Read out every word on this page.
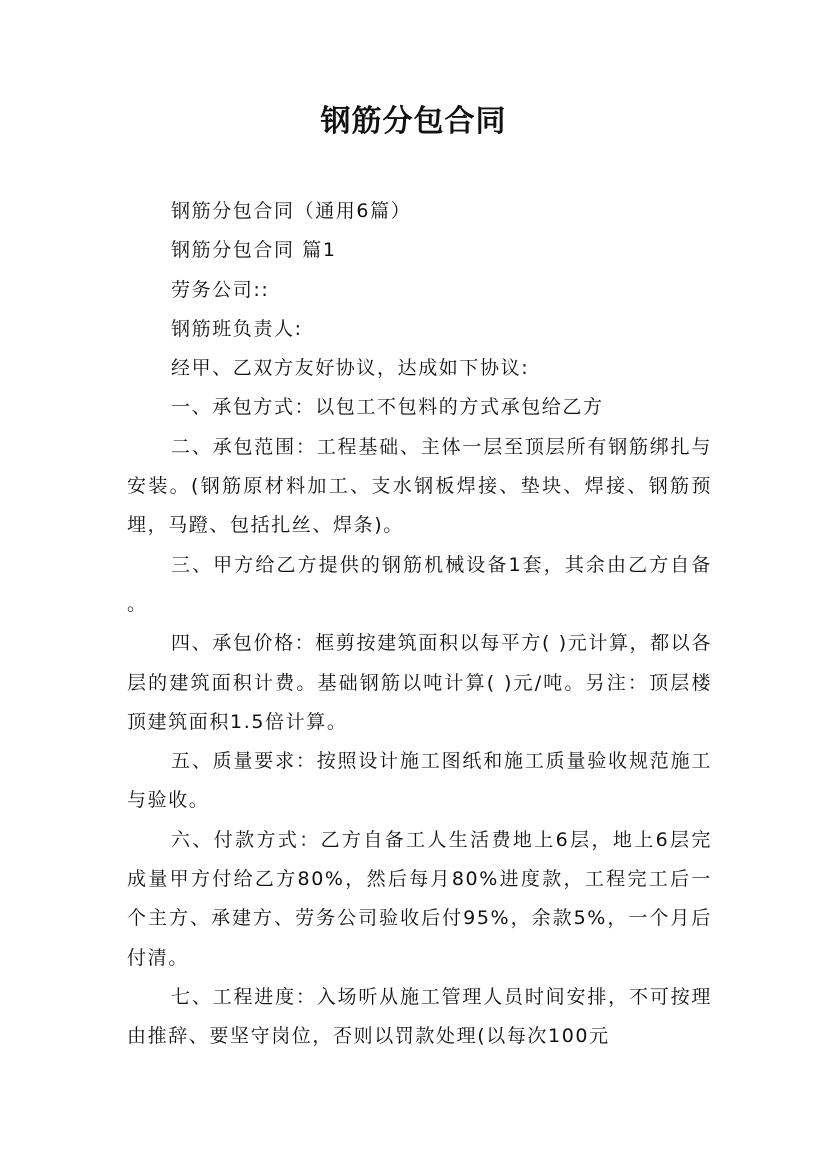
钢筋分包合同

钢筋分包合同（通用6篇）

钢筋分包合同 篇1

劳务公司::

钢筋班负责人:

经甲、乙双方友好协议，达成如下协议:

一、承包方式：以包工不包料的方式承包给乙方

二、承包范围：工程基础、主体一层至顶层所有钢筋绑扎与安装。(钢筋原材料加工、支水钢板焊接、垫块、焊接、钢筋预埋，马蹬、包括扎丝、焊条)。

三、甲方给乙方提供的钢筋机械设备1套，其余由乙方自备。

四、承包价格：框剪按建筑面积以每平方( )元计算，都以各层的建筑面积计费。基础钢筋以吨计算( )元/吨。另注：顶层楼顶建筑面积1.5倍计算。

五、质量要求：按照设计施工图纸和施工质量验收规范施工与验收。

六、付款方式：乙方自备工人生活费地上6层，地上6层完成量甲方付给乙方80%，然后每月80%进度款，工程完工后一个主方、承建方、劳务公司验收后付95%，余款5%，一个月后付清。

七、工程进度：入场听从施工管理人员时间安排，不可按理由推辞、要坚守岗位，否则以罚款处理(以每次100元
